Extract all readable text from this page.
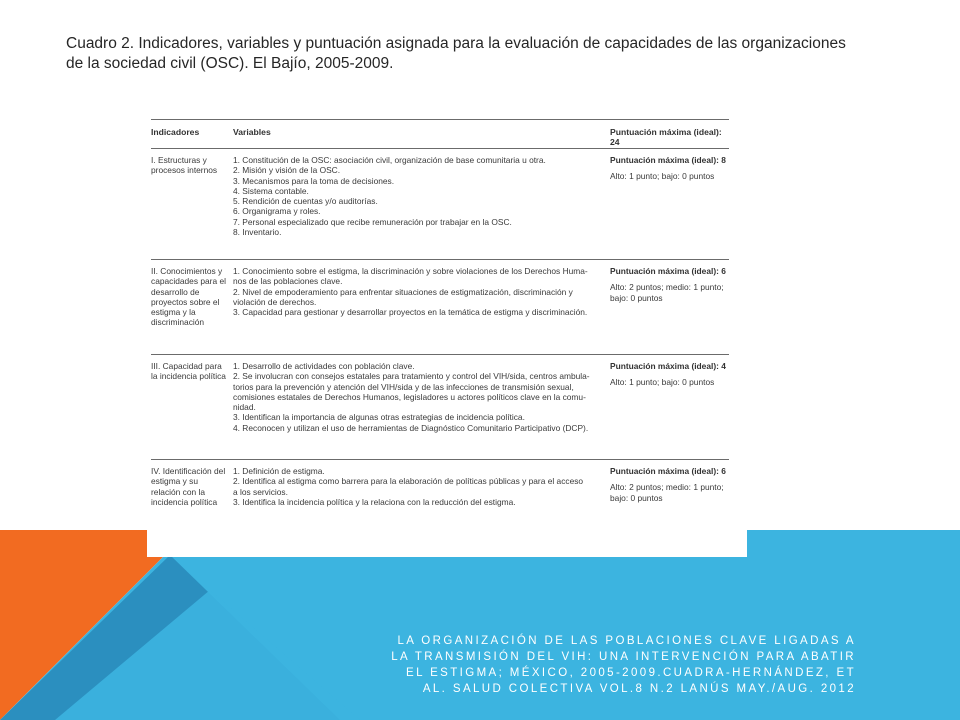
Cuadro 2. Indicadores, variables y puntuación asignada para la evaluación de capacidades de las organizaciones
de la sociedad civil (OSC). El Bajío, 2005-2009.
Indicadores	Variables	Puntuación máxima (ideal): 24
I. Estructuras y procesos internos
1. Constitución de la OSC: asociación civil, organización de base comunitaria u otra.
2. Misión y visión de la OSC.
3. Mecanismos para la toma de decisiones.
4. Sistema contable.
5. Rendición de cuentas y/o auditorías.
6. Organigrama y roles.
7. Personal especializado que recibe remuneración por trabajar en la OSC.
8. Inventario.
Puntuación máxima (ideal): 8
Alto: 1 punto; bajo: 0 puntos
II. Conocimientos y capacidades para el desarrollo de proyectos sobre el estigma y la discriminación
1. Conocimiento sobre el estigma, la discriminación y sobre violaciones de los Derechos Huma-
nos de las poblaciones clave.
2. Nivel de empoderamiento para enfrentar situaciones de estigmatización, discriminación y
violación de derechos.
3. Capacidad para gestionar y desarrollar proyectos en la temática de estigma y discriminación.
Puntuación máxima (ideal): 6
Alto: 2 puntos; medio: 1 punto; bajo: 0 puntos
III. Capacidad para la incidencia política
1. Desarrollo de actividades con población clave.
2. Se involucran con consejos estatales para tratamiento y control del VIH/sida, centros ambula-
torios para la prevención y atención del VIH/sida y de las infecciones de transmisión sexual,
comisiones estatales de Derechos Humanos, legisladores u actores políticos clave en la comu-
nidad.
3. Identifican la importancia de algunas otras estrategias de incidencia política.
4. Reconocen y utilizan el uso de herramientas de Diagnóstico Comunitario Participativo (DCP).
Puntuación máxima (ideal): 4
Alto: 1 punto; bajo: 0 puntos
IV. Identificación del estigma y su relación con la incidencia política
1. Definición de estigma.
2. Identifica al estigma como barrera para la elaboración de políticas públicas y para el acceso
a los servicios.
3. Identifica la incidencia política y la relaciona con la reducción del estigma.
Puntuación máxima (ideal): 6
Alto: 2 puntos; medio: 1 punto; bajo: 0 puntos
LA ORGANIZACIÓN DE LAS POBLACIONES CLAVE LIGADAS A LA TRANSMISIÓN DEL VIH: UNA INTERVENCIÓN PARA ABATIR EL ESTIGMA; MÉXICO, 2005-2009.CUADRA-HERNÁNDEZ, ET AL. SALUD COLECTIVA VOL.8 N.2 LANÚS MAY./AUG. 2012
